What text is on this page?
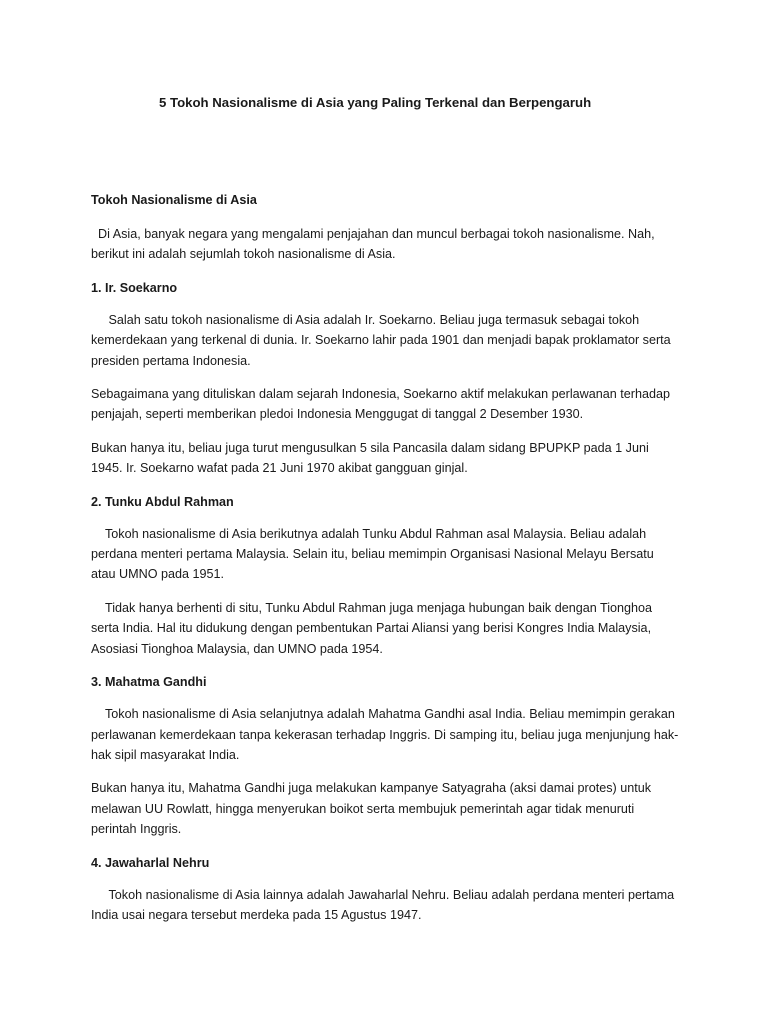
5 Tokoh Nasionalisme di Asia yang Paling Terkenal dan Berpengaruh
Tokoh Nasionalisme di Asia

Di Asia, banyak negara yang mengalami penjajahan dan muncul berbagai tokoh nasionalisme. Nah, berikut ini adalah sejumlah tokoh nasionalisme di Asia.

1. Ir. Soekarno

Salah satu tokoh nasionalisme di Asia adalah Ir. Soekarno. Beliau juga termasuk sebagai tokoh kemerdekaan yang terkenal di dunia. Ir. Soekarno lahir pada 1901 dan menjadi bapak proklamator serta presiden pertama Indonesia.

Sebagaimana yang dituliskan dalam sejarah Indonesia, Soekarno aktif melakukan perlawanan terhadap penjajah, seperti memberikan pledoi Indonesia Menggugat di tanggal 2 Desember 1930.

Bukan hanya itu, beliau juga turut mengusulkan 5 sila Pancasila dalam sidang BPUPKP pada 1 Juni 1945. Ir. Soekarno wafat pada 21 Juni 1970 akibat gangguan ginjal.

2. Tunku Abdul Rahman

Tokoh nasionalisme di Asia berikutnya adalah Tunku Abdul Rahman asal Malaysia. Beliau adalah perdana menteri pertama Malaysia. Selain itu, beliau memimpin Organisasi Nasional Melayu Bersatu atau UMNO pada 1951.

Tidak hanya berhenti di situ, Tunku Abdul Rahman juga menjaga hubungan baik dengan Tionghoa serta India. Hal itu didukung dengan pembentukan Partai Aliansi yang berisi Kongres India Malaysia, Asosiasi Tionghoa Malaysia, dan UMNO pada 1954.

3. Mahatma Gandhi

Tokoh nasionalisme di Asia selanjutnya adalah Mahatma Gandhi asal India. Beliau memimpin gerakan perlawanan kemerdekaan tanpa kekerasan terhadap Inggris. Di samping itu, beliau juga menjunjung hak-hak sipil masyarakat India.

Bukan hanya itu, Mahatma Gandhi juga melakukan kampanye Satyagraha (aksi damai protes) untuk melawan UU Rowlatt, hingga menyerukan boikot serta membujuk pemerintah agar tidak menuruti perintah Inggris.

4. Jawaharlal Nehru

Tokoh nasionalisme di Asia lainnya adalah Jawaharlal Nehru. Beliau adalah perdana menteri pertama India usai negara tersebut merdeka pada 15 Agustus 1947.
